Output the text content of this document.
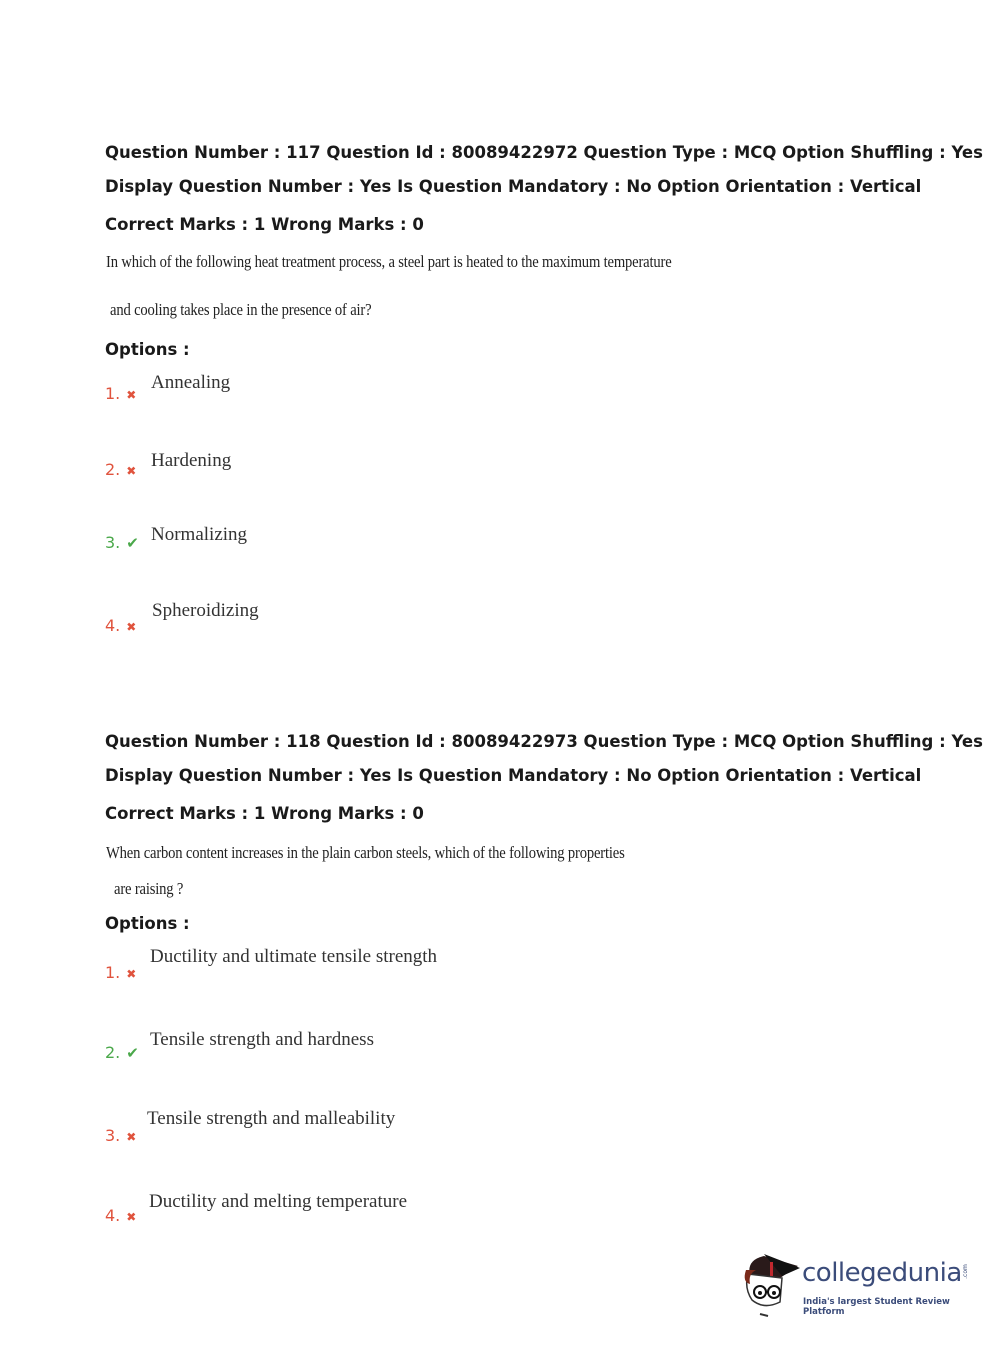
Question Number : 117 Question Id : 80089422972 Question Type : MCQ Option Shuffling : Yes
Display Question Number : Yes Is Question Mandatory : No Option Orientation : Vertical
Correct Marks : 1 Wrong Marks : 0
In which of the following heat treatment process, a steel part is heated to the maximum temperature
and cooling takes place in the presence of air?
Options :
1. ✖
Annealing
2. ✖ Hardening
3. ✔ Normalizing
4. ✖
Spheroidizing
Question Number : 118 Question Id : 80089422973 Question Type : MCQ Option Shuffling : Yes
Display Question Number : Yes Is Question Mandatory : No Option Orientation : Vertical
Correct Marks : 1 Wrong Marks : 0
When carbon content increases in the plain carbon steels, which of the following properties
are raising ?
Options :
1. ✖
Ductility and ultimate tensile strength
2. ✔
Tensile strength and hardness
3. ✖
Tensile strength and malleability
4. ✖
Ductility and melting temperature
collegedunia .com
India's largest Student Review Platform
